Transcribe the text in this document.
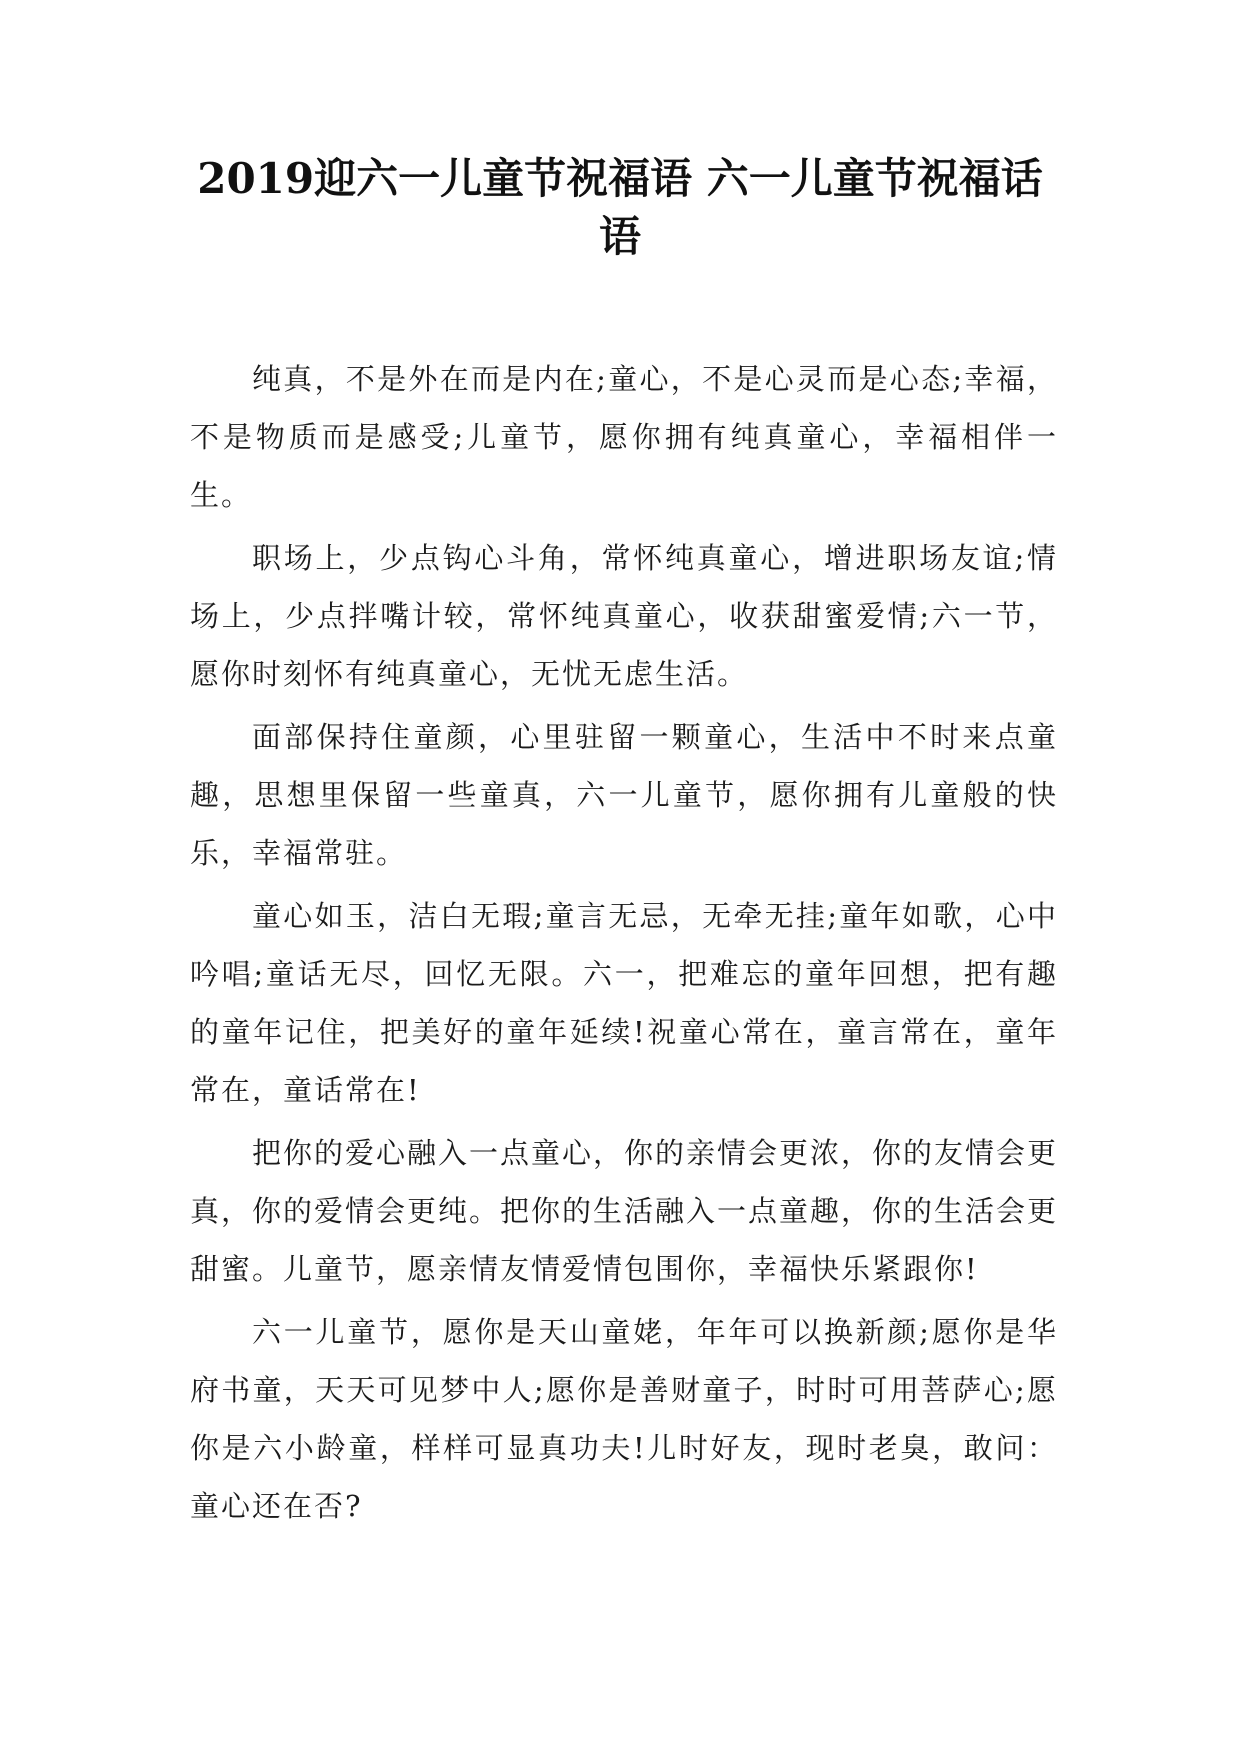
2019迎六一儿童节祝福语 六一儿童节祝福话语

纯真，不是外在而是内在;童心，不是心灵而是心态;幸福，不是物质而是感受;儿童节，愿你拥有纯真童心，幸福相伴一生。

职场上，少点钩心斗角，常怀纯真童心，增进职场友谊;情场上，少点拌嘴计较，常怀纯真童心，收获甜蜜爱情;六一节，愿你时刻怀有纯真童心，无忧无虑生活。

面部保持住童颜，心里驻留一颗童心，生活中不时来点童趣，思想里保留一些童真，六一儿童节，愿你拥有儿童般的快乐，幸福常驻。

童心如玉，洁白无瑕;童言无忌，无牵无挂;童年如歌，心中吟唱;童话无尽，回忆无限。六一，把难忘的童年回想，把有趣的童年记住，把美好的童年延续!祝童心常在，童言常在，童年常在，童话常在!

把你的爱心融入一点童心，你的亲情会更浓，你的友情会更真，你的爱情会更纯。把你的生活融入一点童趣，你的生活会更甜蜜。儿童节，愿亲情友情爱情包围你，幸福快乐紧跟你!

六一儿童节，愿你是天山童姥，年年可以换新颜;愿你是华府书童，天天可见梦中人;愿你是善财童子，时时可用菩萨心;愿你是六小龄童，样样可显真功夫!儿时好友，现时老臭，敢问：童心还在否?
